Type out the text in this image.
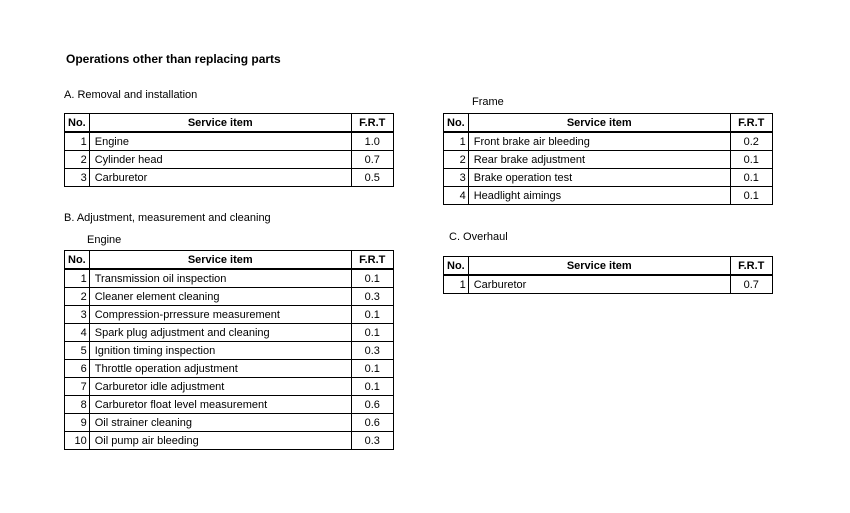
Operations other than replacing parts
A. Removal and installation
No.	Service item	F.R.T
1	Engine	1.0
2	Cylinder head	0.7
3	Carburetor	0.5
Frame
No.	Service item	F.R.T
1	Front brake air bleeding	0.2
2	Rear brake adjustment	0.1
3	Brake operation test	0.1
4	Headlight aimings	0.1
B. Adjustment, measurement and cleaning
Engine
No.	Service item	F.R.T
1	Transmission oil inspection	0.1
2	Cleaner element cleaning	0.3
3	Compression-prressure measurement	0.1
4	Spark plug adjustment and cleaning	0.1
5	Ignition timing inspection	0.3
6	Throttle operation adjustment	0.1
7	Carburetor idle adjustment	0.1
8	Carburetor float level measurement	0.6
9	Oil strainer cleaning	0.6
10	Oil pump air bleeding	0.3
C. Overhaul
No.	Service item	F.R.T
1	Carburetor	0.7
